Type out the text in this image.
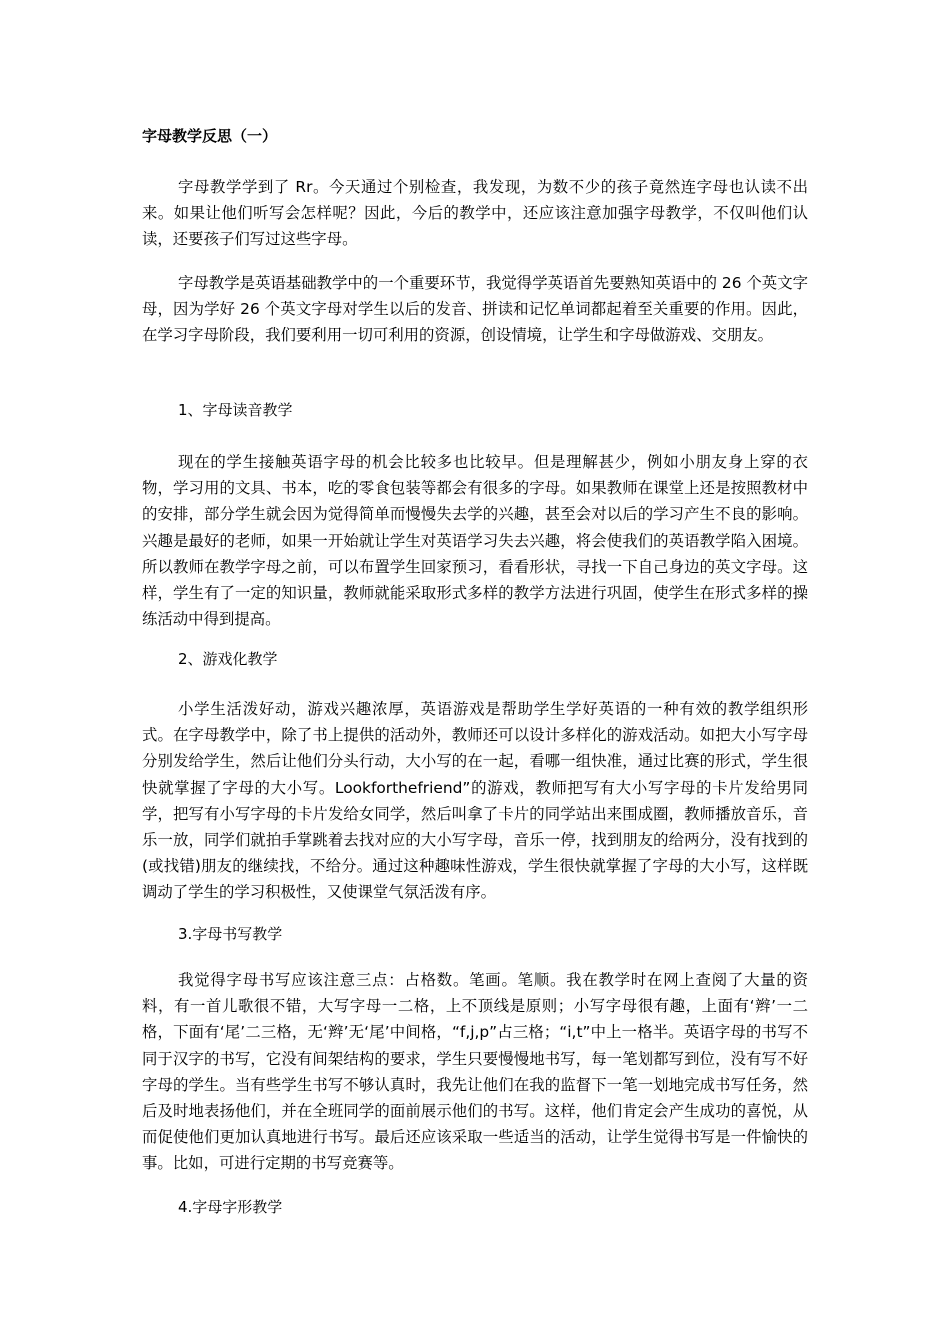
字母教学反思（一）

字母教学学到了 Rr。今天通过个别检查，我发现，为数不少的孩子竟然连字母也认读不出来。如果让他们听写会怎样呢？因此，今后的教学中，还应该注意加强字母教学，不仅叫他们认读，还要孩子们写过这些字母。

字母教学是英语基础教学中的一个重要环节，我觉得学英语首先要熟知英语中的 26 个英文字母，因为学好 26 个英文字母对学生以后的发音、拼读和记忆单词都起着至关重要的作用。因此，在学习字母阶段，我们要利用一切可利用的资源，创设情境，让学生和字母做游戏、交朋友。

1、字母读音教学

现在的学生接触英语字母的机会比较多也比较早。但是理解甚少，例如小朋友身上穿的衣物，学习用的文具、书本，吃的零食包装等都会有很多的字母。如果教师在课堂上还是按照教材中的安排，部分学生就会因为觉得简单而慢慢失去学的兴趣，甚至会对以后的学习产生不良的影响。兴趣是最好的老师，如果一开始就让学生对英语学习失去兴趣，将会使我们的英语教学陷入困境。所以教师在教学字母之前，可以布置学生回家预习，看看形状，寻找一下自己身边的英文字母。这样，学生有了一定的知识量，教师就能采取形式多样的教学方法进行巩固，使学生在形式多样的操练活动中得到提高。

2、游戏化教学

小学生活泼好动，游戏兴趣浓厚，英语游戏是帮助学生学好英语的一种有效的教学组织形式。在字母教学中，除了书上提供的活动外，教师还可以设计多样化的游戏活动。如把大小写字母分别发给学生，然后让他们分头行动，大小写的在一起，看哪一组快准，通过比赛的形式，学生很快就掌握了字母的大小写。Lookforthefriend”的游戏，教师把写有大小写字母的卡片发给男同学，把写有小写字母的卡片发给女同学，然后叫拿了卡片的同学站出来围成圈，教师播放音乐，音乐一放，同学们就拍手掌跳着去找对应的大小写字母，音乐一停，找到朋友的给两分，没有找到的(或找错)朋友的继续找，不给分。通过这种趣味性游戏，学生很快就掌握了字母的大小写，这样既调动了学生的学习积极性，又使课堂气氛活泼有序。

3.字母书写教学

我觉得字母书写应该注意三点：占格数。笔画。笔顺。我在教学时在网上查阅了大量的资料，有一首儿歌很不错，大写字母一二格，上不顶线是原则；小写字母很有趣，上面有‘辫’一二格，下面有‘尾’二三格，无‘辫’无‘尾’中间格，“f,j,p”占三格；“i,t”中上一格半。英语字母的书写不同于汉字的书写，它没有间架结构的要求，学生只要慢慢地书写，每一笔划都写到位，没有写不好字母的学生。当有些学生书写不够认真时，我先让他们在我的监督下一笔一划地完成书写任务，然后及时地表扬他们，并在全班同学的面前展示他们的书写。这样，他们肯定会产生成功的喜悦，从而促使他们更加认真地进行书写。最后还应该采取一些适当的活动，让学生觉得书写是一件愉快的事。比如，可进行定期的书写竞赛等。

4.字母字形教学
